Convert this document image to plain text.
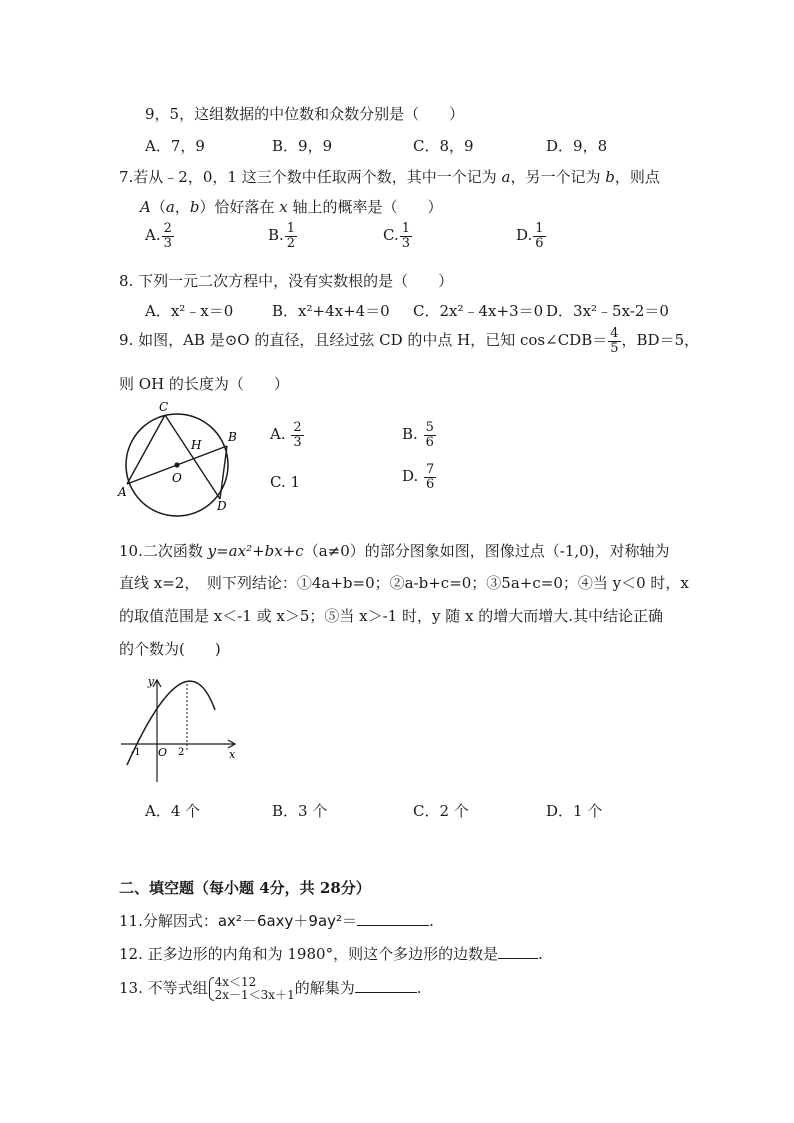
9，5，这组数据的中位数和众数分别是（　　）
A．7，9	B．9，9	C．8，9	D．9，8
7.若从﹣2，0，1 这三个数中任取两个数，其中一个记为 a，另一个记为 b，则点
A（a，b）恰好落在 x 轴上的概率是（　　）
A. $\frac{2}{3}$	B. $\frac{1}{2}$	C. $\frac{1}{3}$	D. $\frac{1}{6}$
8. 下列一元二次方程中，没有实数根的是（　　）
A．x²﹣x＝0	B．x²+4x+4＝0 C．2x²﹣4x+3＝0 D．3x²﹣5x-2＝0
9. 如图，AB 是⊙O 的直径，且经过弦 CD 的中点 H，已知 cos∠CDB＝ $\frac{4}{5}$ ，BD＝5，
则 OH 的长度为（　　）
C
B
H
O
A
D
A. $\frac{2}{3}$	B. $\frac{5}{6}$
C. 1	D. $\frac{7}{6}$
10.二次函数 y=ax²+bx+c（a≠0）的部分图象如图，图像过点（-1,0)，对称轴为
直线 x=2，　则下列结论：①4a+b=0；②a-b+c=0；③5a+c=0；④当 y＜0 时，x
的取值范围是 x＜-1 或 x＞5；⑤当 x＞-1 时，y 随 x 的增大而增大.其中结论正确
的个数为(　　)
y
x
-1 O 2
A．4 个	B．3 个	C．2 个	D．1 个
二、填空题（每小题 4分，共 28分）
11.分解因式：ax²－6axy＋9ay²＝	.
12. 正多边形的内角和为 1980°，则这个多边形的边数是	.
13. 不等式组 4x＜12
2x－1＜3x＋1 的解集为	.
